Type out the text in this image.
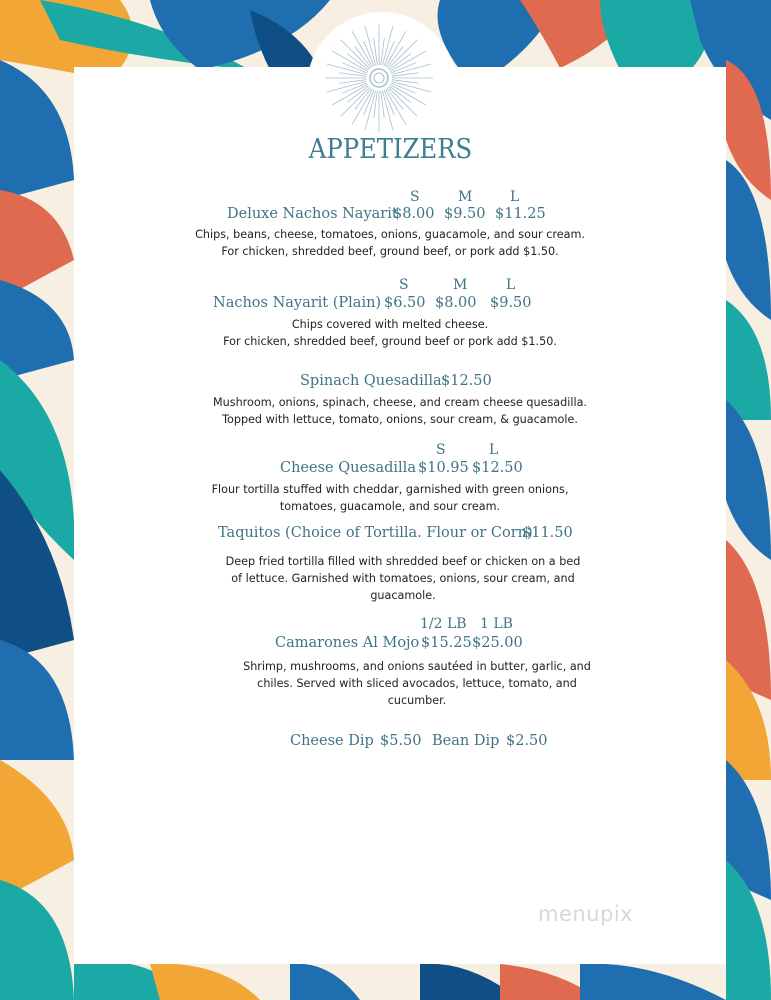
APPETIZERS
S	M	L
Deluxe Nachos Nayarit
$8.00 $9.50 $11.25
Chips, beans, cheese, tomatoes, onions, guacamole, and sour cream.
For chicken, shredded beef, ground beef, or pork add $1.50.
S	M	L
Nachos Nayarit (Plain) $6.50 $8.00 $9.50
Chips covered with melted cheese.
For chicken, shredded beef, ground beef or pork add $1.50.
Spinach Quesadilla $12.50
Mushroom, onions, spinach, cheese, and cream cheese quesadilla.
Topped with lettuce, tomato, onions, sour cream, & guacamole.
S	L
Cheese Quesadilla $10.95 $12.50
Flour tortilla stuffed with cheddar, garnished with green onions,
tomatoes, guacamole, and sour cream.
Taquitos (Choice of Tortilla. Flour or Corn)
$11.50
Deep fried tortilla filled with shredded beef or chicken on a bed
of lettuce. Garnished with tomatoes, onions, sour cream, and
guacamole.
1/2 LB 1 LB
Camarones Al Mojo $15.25 $25.00
Shrimp, mushrooms, and onions sautéed in butter, garlic, and
chiles. Served with sliced avocados, lettuce, tomato, and
cucumber.
Cheese Dip $5.50 Bean Dip $2.50
menupix
